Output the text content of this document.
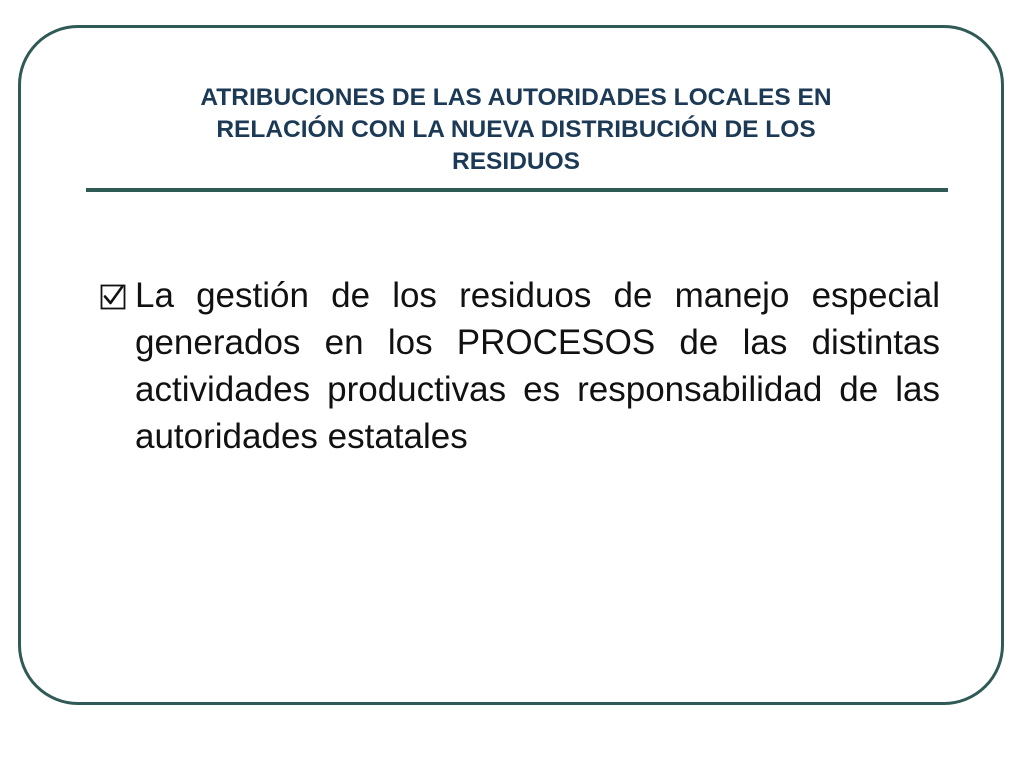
ATRIBUCIONES DE LAS AUTORIDADES LOCALES EN
RELACIÓN CON LA NUEVA DISTRIBUCIÓN DE LOS
RESIDUOS

La gestión de los residuos de manejo especial generados en los PROCESOS de las distintas actividades productivas es responsabilidad de las autoridades estatales
